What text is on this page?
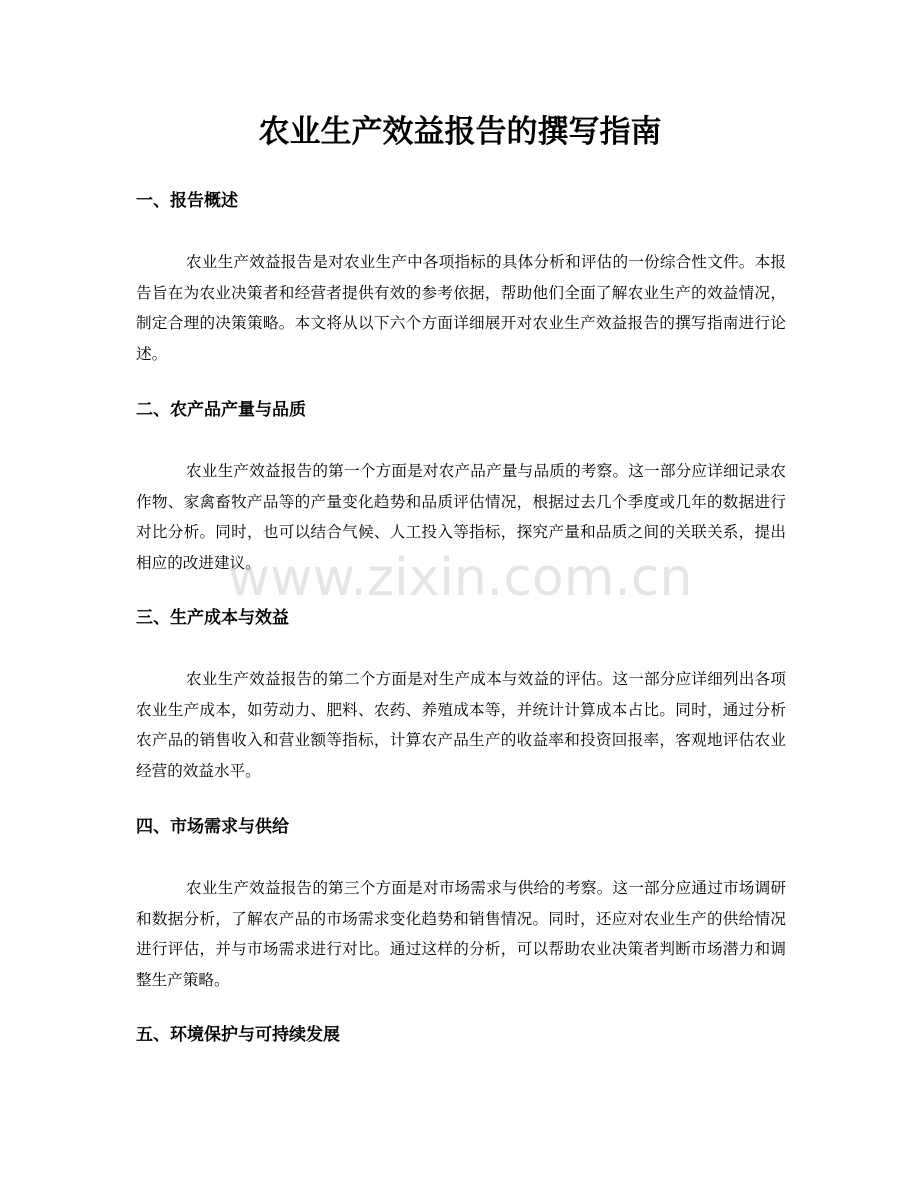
农业生产效益报告的撰写指南
一、报告概述

农业生产效益报告是对农业生产中各项指标的具体分析和评估的一份综合性文件。本报告旨在为农业决策者和经营者提供有效的参考依据，帮助他们全面了解农业生产的效益情况，制定合理的决策策略。本文将从以下六个方面详细展开对农业生产效益报告的撰写指南进行论述。

二、农产品产量与品质

农业生产效益报告的第一个方面是对农产品产量与品质的考察。这一部分应详细记录农作物、家禽畜牧产品等的产量变化趋势和品质评估情况，根据过去几个季度或几年的数据进行对比分析。同时，也可以结合气候、人工投入等指标，探究产量和品质之间的关联关系，提出相应的改进建议。

三、生产成本与效益

农业生产效益报告的第二个方面是对生产成本与效益的评估。这一部分应详细列出各项农业生产成本，如劳动力、肥料、农药、养殖成本等，并统计计算成本占比。同时，通过分析农产品的销售收入和营业额等指标，计算农产品生产的收益率和投资回报率，客观地评估农业经营的效益水平。

四、市场需求与供给

农业生产效益报告的第三个方面是对市场需求与供给的考察。这一部分应通过市场调研和数据分析，了解农产品的市场需求变化趋势和销售情况。同时，还应对农业生产的供给情况进行评估，并与市场需求进行对比。通过这样的分析，可以帮助农业决策者判断市场潜力和调整生产策略。

五、环境保护与可持续发展
www.zixin.com.cn
